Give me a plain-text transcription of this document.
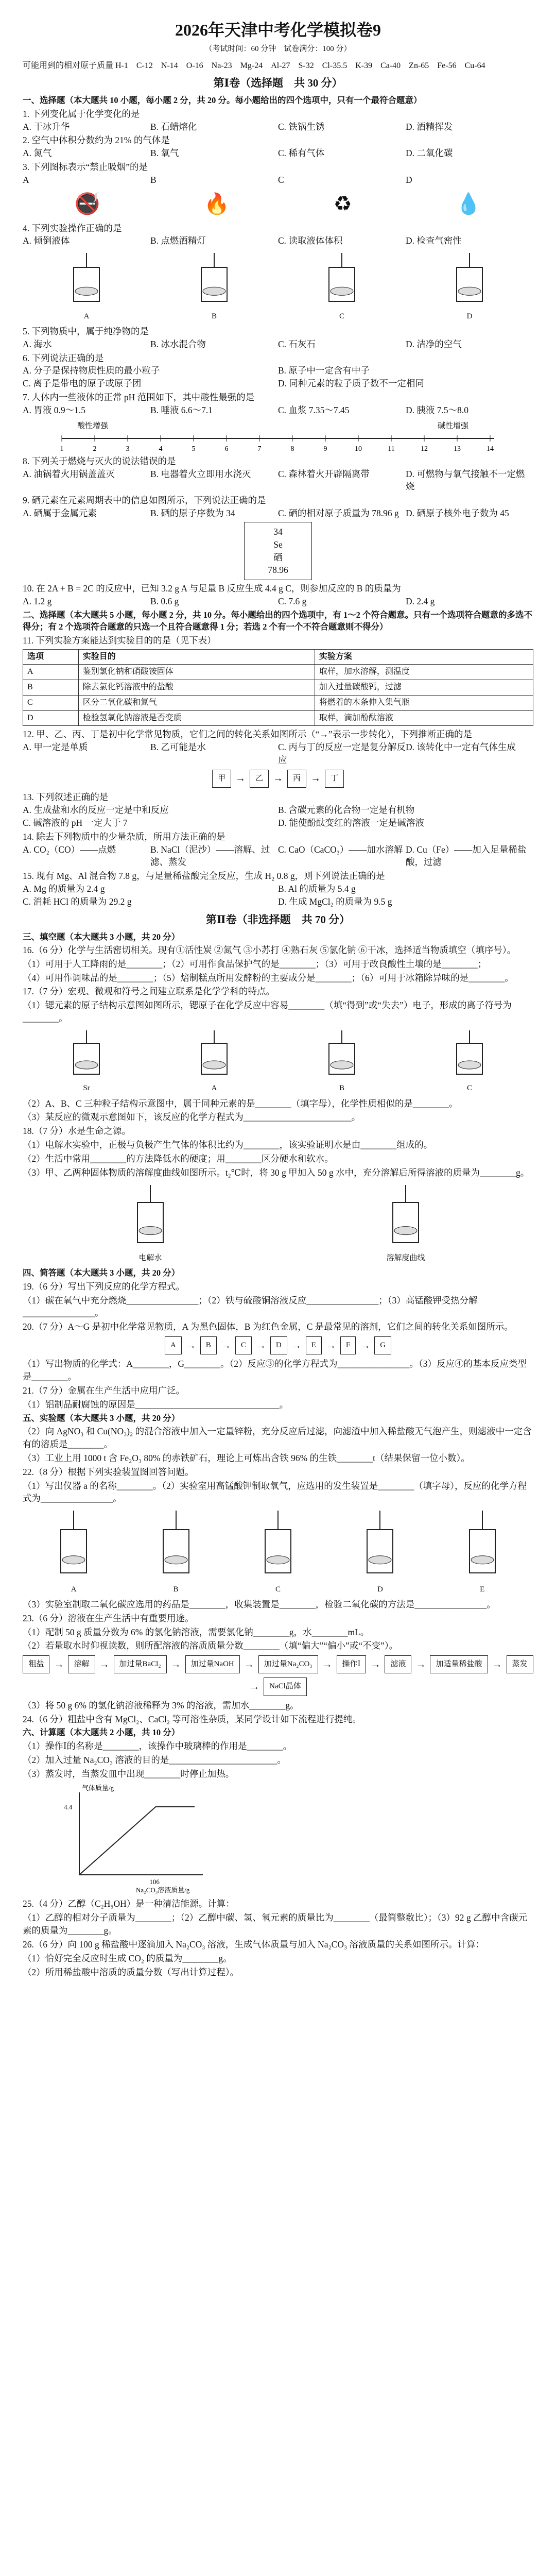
2026年天津中考化学模拟卷9
（考试时间：60 分钟　试卷满分：100 分）
可能用到的相对原子质量 H-1　C-12　N-14　O-16　Na-23　Mg-24　Al-27　S-32　Cl-35.5　K-39　Ca-40　Zn-65　Fe-56　Cu-64
第Ⅰ卷（选择题　共 30 分）
一、选择题（本大题共 10 小题，每小题 2 分，共 20 分。每小题给出的四个选项中，只有一个最符合题意）
1. 下列变化属于化学变化的是
A. 干冰升华	B. 石蜡熔化	C. 铁锅生锈	D. 酒精挥发
2. 空气中体积分数约为 21% 的气体是
A. 氮气	B. 氧气	C. 稀有气体	D. 二氧化碳
3. 下列图标表示“禁止吸烟”的是
A	B	C	D
🚭	🔥	♻	💧
4. 下列实验操作正确的是
A. 倾倒液体	B. 点燃酒精灯	C. 读取液体体积	D. 检查气密性
A	B	C	D
5. 下列物质中，属于纯净物的是
A. 海水	B. 冰水混合物	C. 石灰石	D. 洁净的空气
6. 下列说法正确的是
A. 分子是保持物质性质的最小粒子	B. 原子中一定含有中子
C. 离子是带电的原子或原子团	D. 同种元素的粒子质子数不一定相同
7. 人体内一些液体的正常 pH 范围如下，其中酸性最强的是
A. 胃液 0.9～1.5	B. 唾液 6.6～7.1	C. 血浆 7.35～7.45	D. 胰液 7.5～8.0
1	2	3	4	5	6	7	8	9	10	11	12	13	14
酸性增强	碱性增强
8. 下列关于燃烧与灭火的说法错误的是
A. 油锅着火用锅盖盖灭	B. 电器着火立即用水浇灭	C. 森林着火开辟隔离带	D. 可燃物与氧气接触不一定燃烧
9. 硒元素在元素周期表中的信息如图所示，下列说法正确的是
A. 硒属于金属元素	B. 硒的原子序数为 34	C. 硒的相对原子质量为 78.96 g D. 硒原子核外电子数为 45
34
Se
硒
78.96
10. 在 2A + B = 2C 的反应中，已知 3.2 g A 与足量 B 反应生成 4.4 g C，则参加反应的 B 的质量为
A. 1.2 g	B. 0.6 g	C. 7.6 g	D. 2.4 g
二、选择题（本大题共 5 小题，每小题 2 分，共 10 分。每小题给出的四个选项中，有 1～2 个符合题意。只有一个选项符合题意的多选不得分；有 2 个选项符合题意的只选一个且符合题意得 1 分；若选 2 个有一个不符合题意则不得分）
11. 下列实验方案能达到实验目的的是（见下表）
选项	实验目的	实验方案
A	鉴别氯化钠和硝酸铵固体	取样，加水溶解，测温度
B	除去氯化钙溶液中的盐酸	加入过量碳酸钙，过滤
C	区分二氧化碳和氮气	将燃着的木条伸入集气瓶
D	检验氢氧化钠溶液是否变质	取样，滴加酚酞溶液
12. 甲、乙、丙、丁是初中化学常见物质，它们之间的转化关系如图所示（“→”表示一步转化），下列推断正确的是
A. 甲一定是单质	B. 乙可能是水	C. 丙与丁的反应一定是复分解反应
D. 该转化中一定有气体生成
甲 →	乙 →	丙 →	丁
13. 下列叙述正确的是
A. 生成盐和水的反应一定是中和反应	B. 含碳元素的化合物一定是有机物
C. 碱溶液的 pH 一定大于 7	D. 能使酚酞变红的溶液一定是碱溶液
14. 除去下列物质中的少量杂质，所用方法正确的是
A. CO₂（CO）——点燃	B. NaCl（泥沙）——溶解、过滤、蒸发
C. CaO（CaCO₃）——加水溶解 D. Cu（Fe）——加入足量稀盐酸，过滤
15. 现有 Mg、Al 混合物 7.8 g，与足量稀盐酸完全反应，生成 H₂ 0.8 g，则下列说法正确的是
A. Mg 的质量为 2.4 g	B. Al 的质量为 5.4 g
C. 消耗 HCl 的质量为 29.2 g	D. 生成 MgCl₂ 的质量为 9.5 g
第Ⅱ卷（非选择题　共 70 分）
三、填空题（本大题共 3 小题，共 20 分）
16.（6 分）化学与生活密切相关。现有①活性炭 ②氮气 ③小苏打 ④熟石灰 ⑤氯化钠 ⑥干冰，选择适当物质填空（填序号）。
（1）可用于人工降雨的是________；（2）可用作食品保护气的是________；（3）可用于改良酸性土壤的是________；
（4）可用作调味品的是________；（5）焙制糕点所用发酵粉的主要成分是________；（6）可用于冰箱除异味的是________。
17.（7 分）宏观、微观和符号之间建立联系是化学学科的特点。
（1）锶元素的原子结构示意图如图所示，锶原子在化学反应中容易________（填“得到”或“失去”）电子，形成的离子符号为________。
Sr	A	B	C
（2）A、B、C 三种粒子结构示意图中，属于同种元素的是________（填字母），化学性质相似的是________。
（3）某反应的微观示意图如下，该反应的化学方程式为________________________。
18.（7 分）水是生命之源。
（1）电解水实验中，正极与负极产生气体的体积比约为________，该实验证明水是由________组成的。
（2）生活中常用________的方法降低水的硬度；用________区分硬水和软水。
（3）甲、乙两种固体物质的溶解度曲线如图所示。t₂℃时，将 30 g 甲加入 50 g 水中，充分溶解后所得溶液的质量为________g。
电解水	溶解度曲线
四、简答题（本大题共 3 小题，共 20 分）
19.（6 分）写出下列反应的化学方程式。
（1）碳在氧气中充分燃烧________________；（2）铁与硫酸铜溶液反应________________；（3）高锰酸钾受热分解________________。
20.（7 分）A～G 是初中化学常见物质，A 为黑色固体，B 为红色金属，C 是最常见的溶剂，它们之间的转化关系如图所示。
A →	B →	C →	D →	E →	F →	G
（1）写出物质的化学式：A________，G________。（2）反应③的化学方程式为________________。（3）反应④的基本反应类型是________。
21.（7 分）金属在生产生活中应用广泛。
（1）铝制品耐腐蚀的原因是________________________________。
五、实验题（本大题共 3 小题，共 20 分）
（2）向 AgNO₃ 和 Cu(NO₃)₂ 的混合溶液中加入一定量锌粉，充分反应后过滤，向滤渣中加入稀盐酸无气泡产生，则滤液中一定含有的溶质是________。
（3）工业上用 1000 t 含 Fe₂O₃ 80% 的赤铁矿石，理论上可炼出含铁 96% 的生铁________t（结果保留一位小数）。
22.（8 分）根据下列实验装置图回答问题。
（1）写出仪器 a 的名称________。（2）实验室用高锰酸钾制取氧气，应选用的发生装置是________（填字母），反应的化学方程式为________________。
A	B	C	D	E
（3）实验室制取二氧化碳应选用的药品是________，收集装置是________，检验二氧化碳的方法是________________。
23.（6 分）溶液在生产生活中有重要用途。
（1）配制 50 g 质量分数为 6% 的氯化钠溶液，需要氯化钠________g，水________mL。
（2）若量取水时仰视读数，则所配溶液的溶质质量分数________（填“偏大”“偏小”或“不变”）。
粗盐 →	溶解 →	加过量BaCl₂ →	加过量NaOH →	加过量Na₂CO₃ →	操作Ⅰ →	滤液 →	加适量稀盐酸 →	蒸发
→	NaCl晶体
（3）将 50 g 6% 的氯化钠溶液稀释为 3% 的溶液，需加水________g。
24.（6 分）粗盐中含有 MgCl₂、CaCl₂ 等可溶性杂质，某同学设计如下流程进行提纯。
六、计算题（本大题共 2 小题，共 10 分）
（1）操作Ⅰ的名称是________，该操作中玻璃棒的作用是________。
（2）加入过量 Na₂CO₃ 溶液的目的是________________________。
（3）蒸发时，当蒸发皿中出现________时停止加热。
4.4
106
气体质量/g
Na₂CO₃溶液质量/g
25.（4 分）乙醇（C₂H₅OH）是一种清洁能源。计算：
（1）乙醇的相对分子质量为________；（2）乙醇中碳、氢、氧元素的质量比为________（最简整数比）；（3）92 g 乙醇中含碳元素的质量为________g。
26.（6 分）向 100 g 稀盐酸中逐滴加入 Na₂CO₃ 溶液，生成气体质量与加入 Na₂CO₃ 溶液质量的关系如图所示。计算：
（1）恰好完全反应时生成 CO₂ 的质量为________g。
（2）所用稀盐酸中溶质的质量分数（写出计算过程）。
